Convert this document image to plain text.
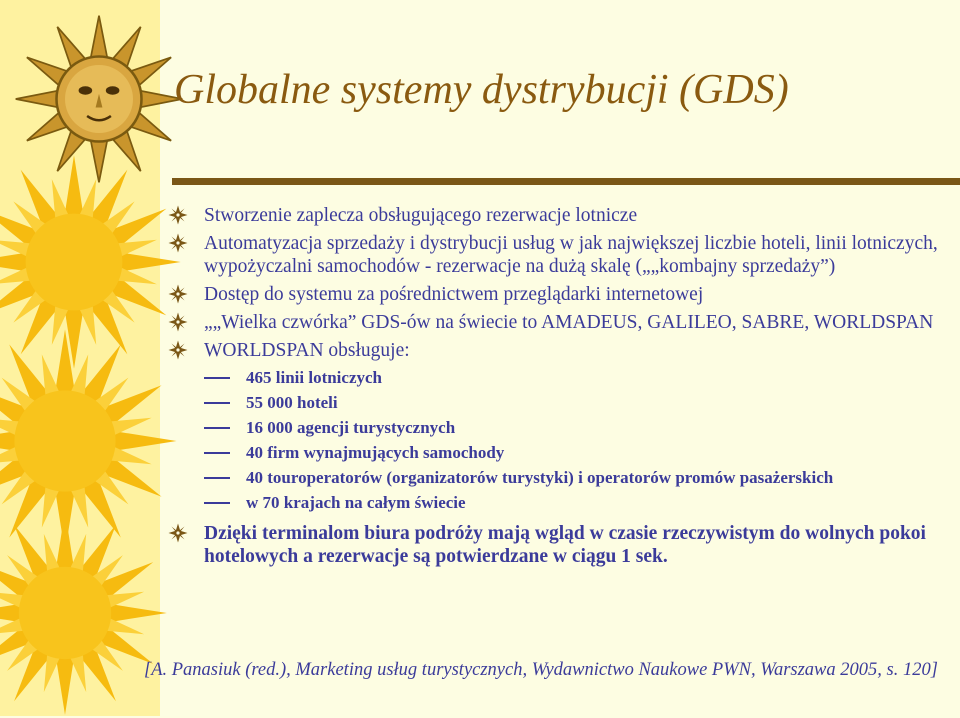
Globalne systemy dystrybucji (GDS)
Stworzenie zaplecza obsługującego rezerwacje lotnicze
Automatyzacja sprzedaży i dystrybucji usług w jak największej liczbie hoteli, linii lotniczych, wypożyczalni samochodów - rezerwacje na dużą skalę („„kombajny sprzedaży”)
Dostęp do systemu za pośrednictwem przeglądarki internetowej
„„Wielka czwórka” GDS-ów na świecie to AMADEUS, GALILEO, SABRE, WORLDSPAN
WORLDSPAN obsługuje:
465 linii lotniczych
55 000 hoteli
16 000 agencji turystycznych
40 firm wynajmujących samochody
40 touroperatorów (organizatorów turystyki) i operatorów promów pasażerskich
w 70 krajach na całym świecie
Dzięki terminalom biura podróży mają wgląd w czasie rzeczywistym do wolnych pokoi hotelowych a rezerwacje są potwierdzane w ciągu 1 sek.
[A. Panasiuk (red.), Marketing usług turystycznych, Wydawnictwo Naukowe PWN, Warszawa 2005, s. 120]
